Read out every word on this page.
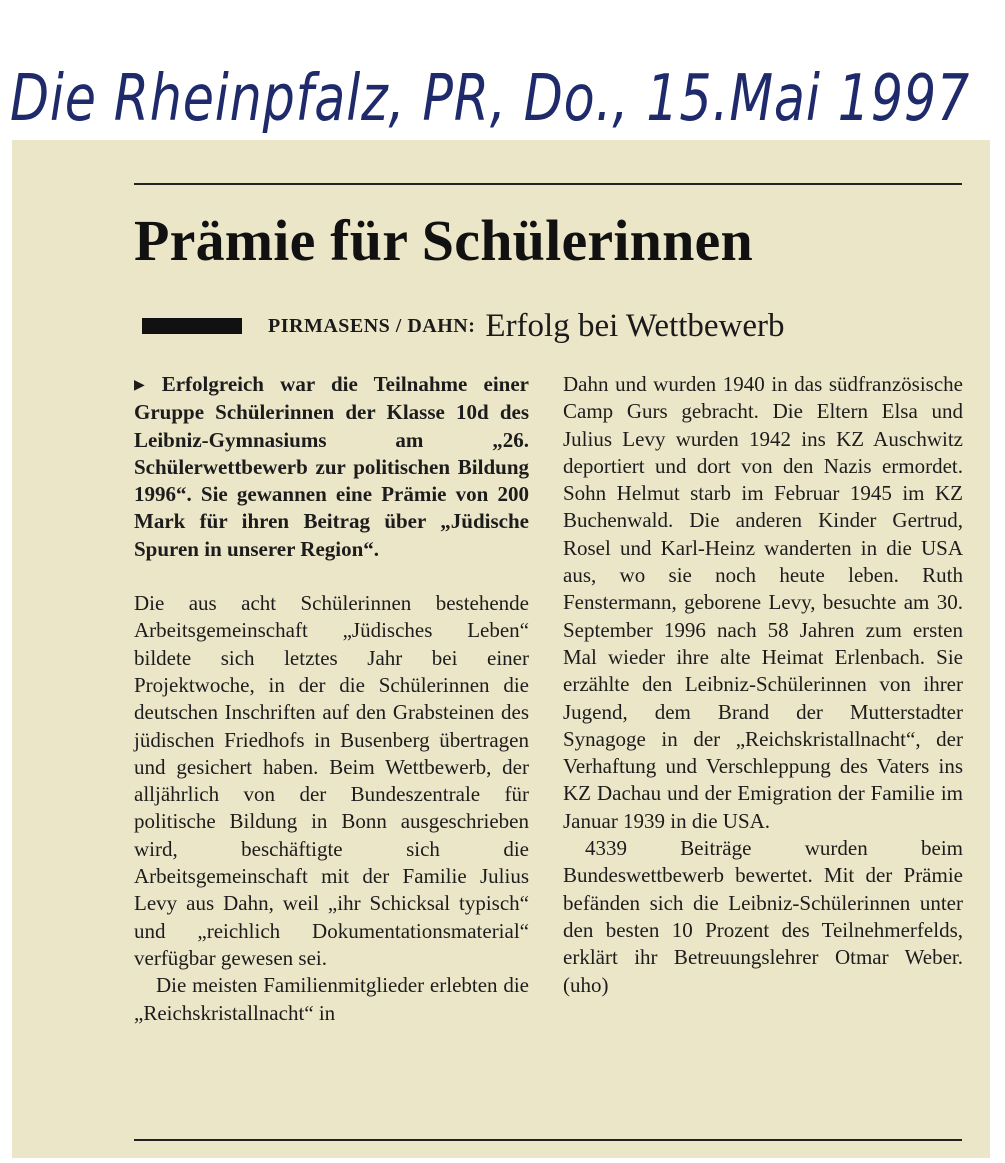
Die Rheinpfalz, PR, Do., 15.Mai 1997
Prämie für Schülerinnen
PIRMASENS / DAHN: Erfolg bei Wettbewerb

▶ Erfolgreich war die Teilnahme einer Gruppe Schülerinnen der Klasse 10d des Leibniz-Gymnasiums am „26. Schülerwettbewerb zur politischen Bildung 1996“. Sie gewannen eine Prämie von 200 Mark für ihren Beitrag über „Jüdische Spuren in unserer Region“.

Die aus acht Schülerinnen bestehende Arbeitsgemeinschaft „Jüdisches Leben“ bildete sich letztes Jahr bei einer Projektwoche, in der die Schülerinnen die deutschen Inschriften auf den Grabsteinen des jüdischen Friedhofs in Busenberg übertragen und gesichert haben. Beim Wettbewerb, der alljährlich von der Bundeszentrale für politische Bildung in Bonn ausgeschrieben wird, beschäftigte sich die Arbeitsgemeinschaft mit der Familie Julius Levy aus Dahn, weil „ihr Schicksal typisch“ und „reichlich Dokumentationsmaterial“ verfügbar gewesen sei.

Die meisten Familienmitglieder erlebten die „Reichskristallnacht“ in

Dahn und wurden 1940 in das südfranzösische Camp Gurs gebracht. Die Eltern Elsa und Julius Levy wurden 1942 ins KZ Auschwitz deportiert und dort von den Nazis ermordet. Sohn Helmut starb im Februar 1945 im KZ Buchenwald. Die anderen Kinder Gertrud, Rosel und Karl-Heinz wanderten in die USA aus, wo sie noch heute leben. Ruth Fenstermann, geborene Levy, besuchte am 30. September 1996 nach 58 Jahren zum ersten Mal wieder ihre alte Heimat Erlenbach. Sie erzählte den Leibniz-Schülerinnen von ihrer Jugend, dem Brand der Mutterstadter Synagoge in der „Reichskristallnacht“, der Verhaftung und Verschleppung des Vaters ins KZ Dachau und der Emigration der Familie im Januar 1939 in die USA.

4339 Beiträge wurden beim Bundeswettbewerb bewertet. Mit der Prämie befänden sich die Leibniz-Schülerinnen unter den besten 10 Prozent des Teilnehmerfelds, erklärt ihr Betreuungslehrer Otmar Weber. (uho)
